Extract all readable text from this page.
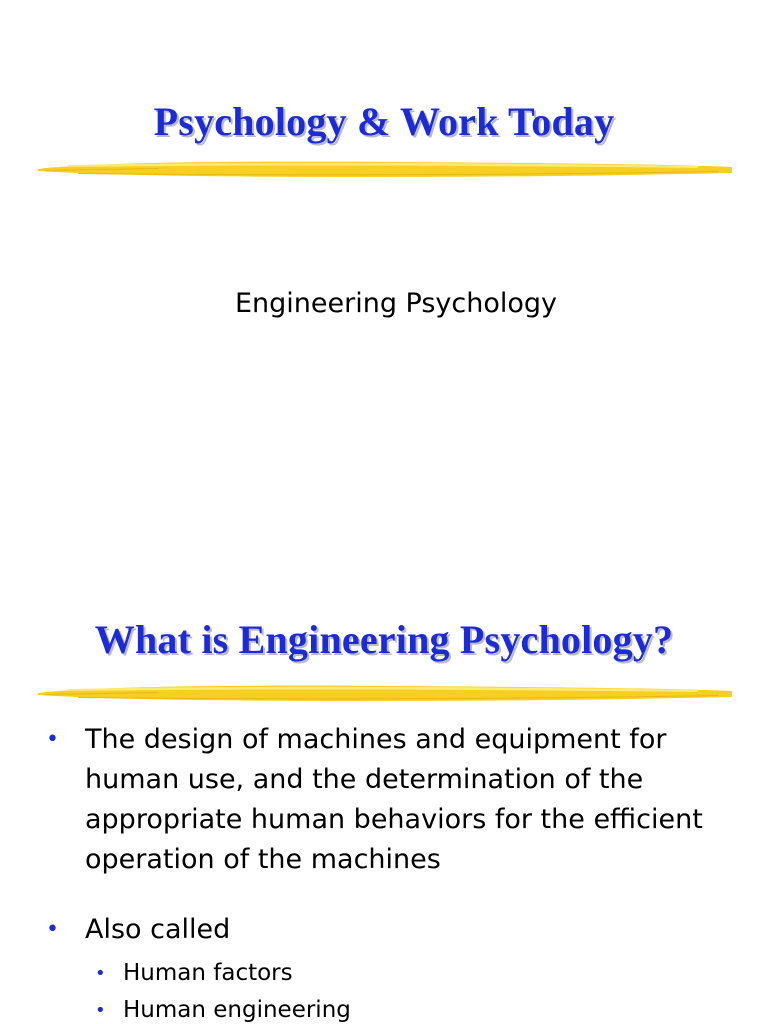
Psychology & Work Today
Engineering Psychology
What is Engineering Psychology?
• The design of machines and equipment for human use, and the determination of the appropriate human behaviors for the efficient operation of the machines
• Also called
• Human factors
• Human engineering
